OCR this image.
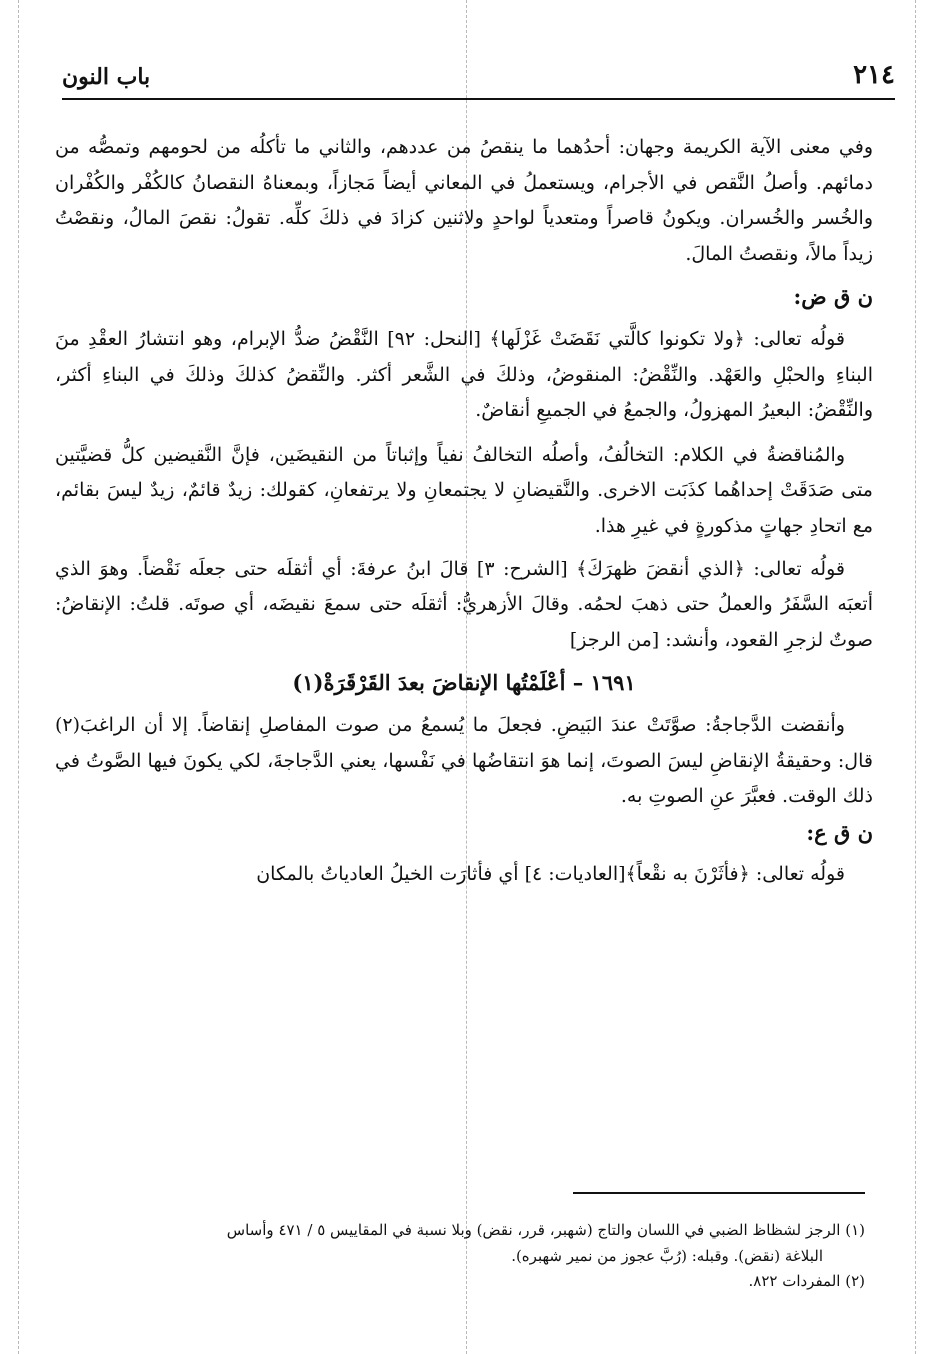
٢١٤
باب النون

وفي معنى الآية الكريمة وجهان: أحدُهما ما ينقصُ من عددهم، والثاني ما تأكلُه من لحومهم وتمصُّه من دمائهم. وأصلُ النَّقص في الأجرام، ويستعملُ في المعاني أيضاً مَجازاً، وبمعناهُ النقصانُ كالكُفْر والكُفْران والخُسر والخُسران. ويكونُ قاصراً ومتعدياً لواحدٍ ولاثنين كزادَ في ذلكَ كلِّه. تقولُ: نقصَ المالُ، ونقصْتُ زيداً مالاً، ونقصتُ المالَ.

ن ق ض:

قولُه تعالى: ﴿ولا تكونوا كالَّتي نَقَضَتْ غَزْلَها﴾ [النحل: ٩٢] النَّقْضُ ضدُّ الإبرام، وهو انتشارُ العقْدِ منَ البناءِ والحبْلِ والعَهْد. والنِّقْضُ: المنقوضُ، وذلكَ في الشَّعر أكثر. والنِّقضُ كذلكَ وذلكَ في البناءِ أكثر، والنِّقْضُ: البعيرُ المهزولُ، والجمعُ في الجميعِ أنقاضٌ.

والمُناقضةُ في الكلام: التخالُفُ، وأصلُه التخالفُ نفياً وإثباتاً من النقيضَين، فإنَّ النَّقيضين كلُّ قضيَّتين متى صَدَقَتْ إحداهُما كذَبَت الاخرى. والنَّقيضانِ لا يجتمعانِ ولا يرتفعانِ، كقولك: زيدٌ قائمٌ، زيدٌ ليسَ بقائم، مع اتحادِ جهاتٍ مذكورةٍ في غيرِ هذا.

قولُه تعالى: ﴿الذي أنقضَ ظهرَكَ﴾ [الشرح: ٣] قالَ ابنُ عرفةَ: أي أثقلَه حتى جعلَه نَقْضاً. وهوَ الذي أتعبَه السَّفَرُ والعملُ حتى ذهبَ لحمُه. وقالَ الأزهريُّ: أثقلَه حتى سمعَ نقيضَه، أي صوتَه. قلتُ: الإنقاضُ: صوتٌ لزجرِ القعود، وأنشد: [من الرجز]

١٦٩١ – أعْلَمْتُها الإنقاضَ بعدَ القَرْقَرَةْ(١)

وأنقضت الدَّجاجةُ: صوَّتَتْ عندَ البَيضِ. فجعلَ ما يُسمعُ من صوت المفاصلِ إنقاضاً. إلا أن الراغبَ(٢) قال: وحقيقةُ الإنقاضِ ليسَ الصوتَ، إنما هوَ انتقاضُها في نَفْسها، يعني الدَّجاجةَ، لكي يكونَ فيها الصَّوتُ في ذلك الوقت. فعبَّرَ عنِ الصوتِ به.

ن ق ع:

قولُه تعالى: ﴿فأثَرْنَ به نقْعاً﴾[العاديات: ٤] أي فأثارَت الخيلُ العادياتُ بالمكان

(١) الرجز لشظاظ الضبي في اللسان والتاج (شهبر، قرر، نقض) وبلا نسبة في المقاييس ٥ / ٤٧١ وأساس

البلاغة (نقض). وقبله: (رُبَّ عجوز من نمير شهبره).

(٢) المفردات ٨٢٢.
